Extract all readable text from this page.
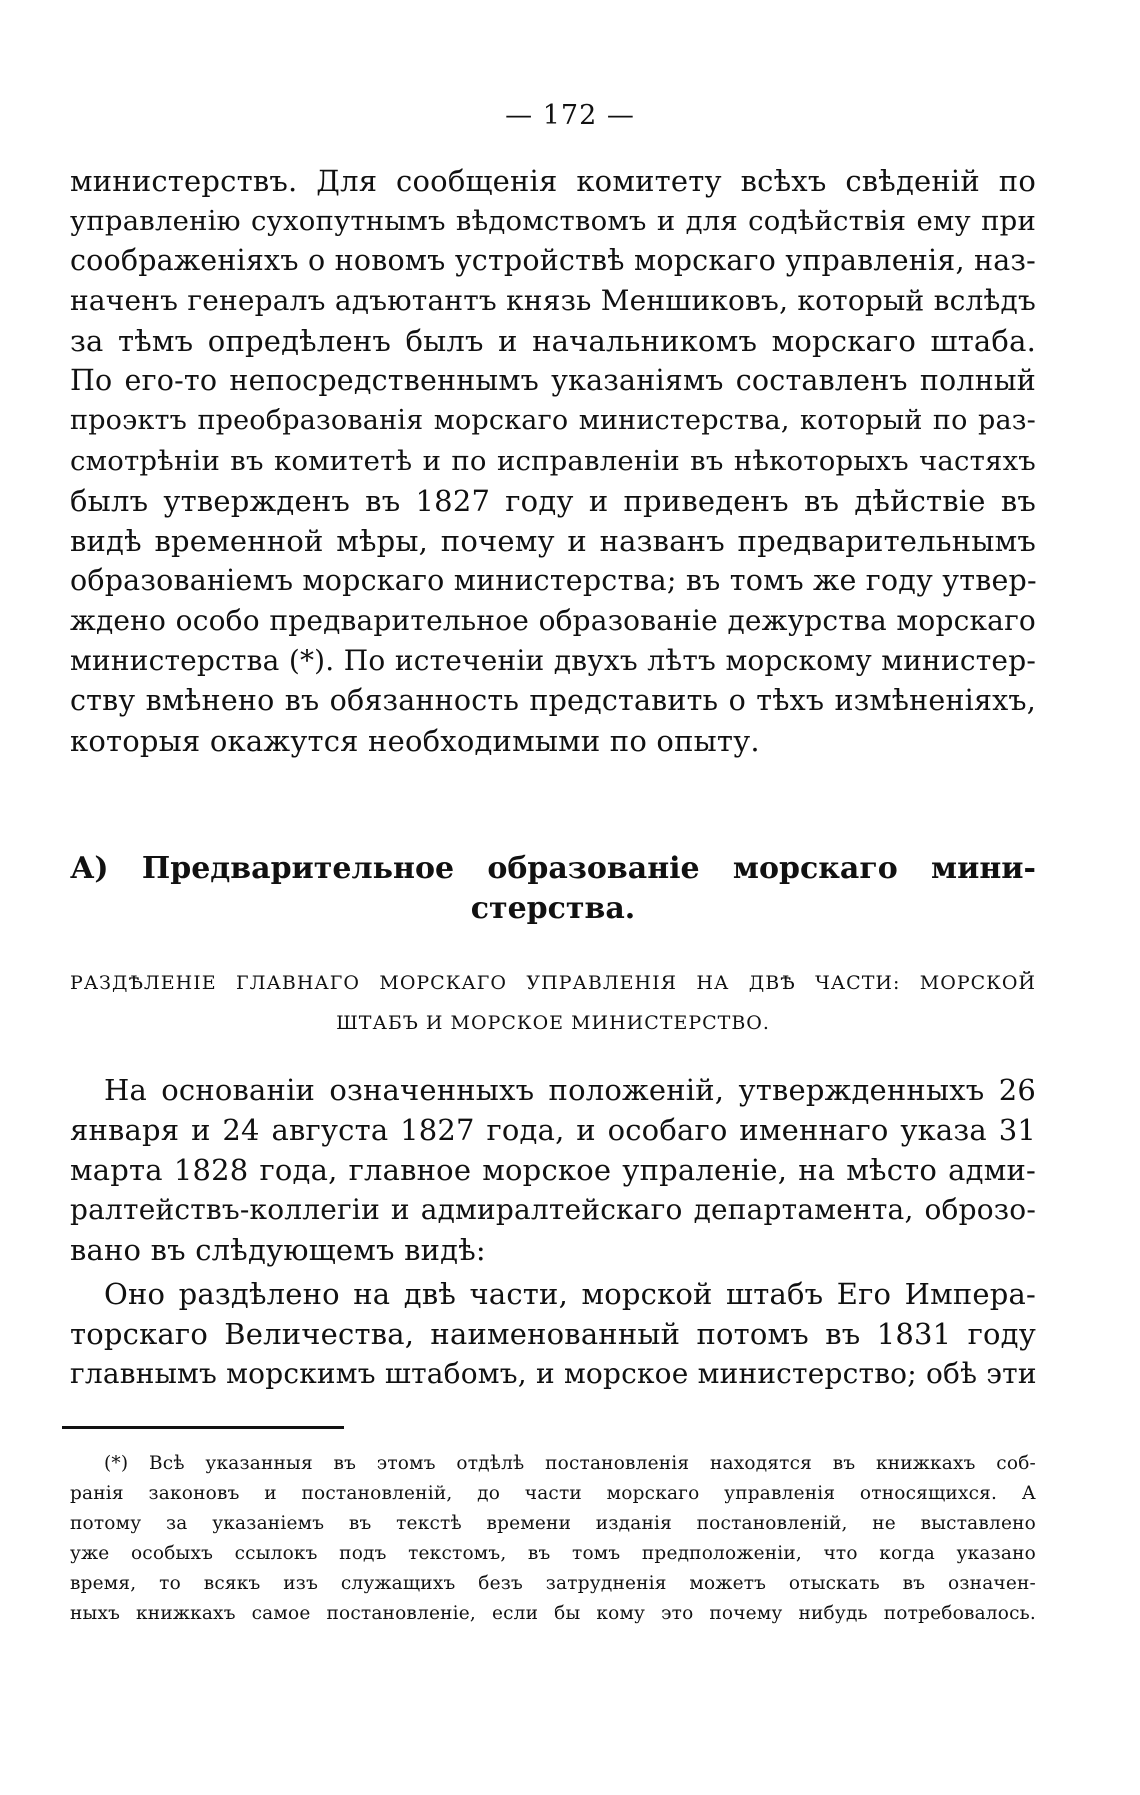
— 172 —
министерствъ. Для сообщенія комитету всѣхъ свѣденій по
управленію сухопутнымъ вѣдомствомъ и для содѣйствія ему при
соображеніяхъ о новомъ устройствѣ морскаго управленія, наз-
наченъ генералъ адъютантъ князь Меншиковъ, который вслѣдъ
за тѣмъ опредѣленъ былъ и начальникомъ морскаго штаба.
По его-то непосредственнымъ указаніямъ составленъ полный
проэктъ преобразованія морскаго министерства, который по раз-
смотрѣніи въ комитетѣ и по исправленіи въ нѣкоторыхъ частяхъ
былъ утвержденъ въ 1827 году и приведенъ въ дѣйствіе въ
видѣ временной мѣры, почему и названъ предварительнымъ
образованіемъ морскаго министерства; въ томъ же году утвер-
ждено особо предварительное образованіе дежурства морскаго
министерства (*). По истеченіи двухъ лѣтъ морскому министер-
ству вмѣнено въ обязанность представить о тѣхъ измѣненіяхъ,
которыя окажутся необходимыми по опыту.
А) Предварительное образованіе морскаго мини-
стерства.
РАЗДѢЛЕНІЕ ГЛАВНАГО МОРСКАГО УПРАВЛЕНІЯ НА ДВѢ ЧАСТИ: МОРСКОЙ
ШТАБЪ И МОРСКОЕ МИНИСТЕРСТВО.
На основаніи означенныхъ положеній, утвержденныхъ 26
января и 24 августа 1827 года, и особаго именнаго указа 31
марта 1828 года, главное морское упраленіе, на мѣсто адми-
ралтействъ-коллегіи и адмиралтейскаго департамента, оброзо-
вано въ слѣдующемъ видѣ:
Оно раздѣлено на двѣ части, морской штабъ Его Импера-
торскаго Величества, наименованный потомъ въ 1831 году
главнымъ морскимъ штабомъ, и морское министерство; обѣ эти
(*) Всѣ указанныя въ этомъ отдѣлѣ постановленія находятся въ книжкахъ соб-
ранія законовъ и постановленій, до части морскаго управленія относящихся. А
потому за указаніемъ въ текстѣ времени изданія постановленій, не выставлено
уже особыхъ ссылокъ подъ текстомъ, въ томъ предположеніи, что когда указано
время, то всякъ изъ служащихъ безъ затрудненія можетъ отыскать въ означен-
ныхъ книжкахъ самое постановленіе, если бы кому это почему нибудь потребовалось.
